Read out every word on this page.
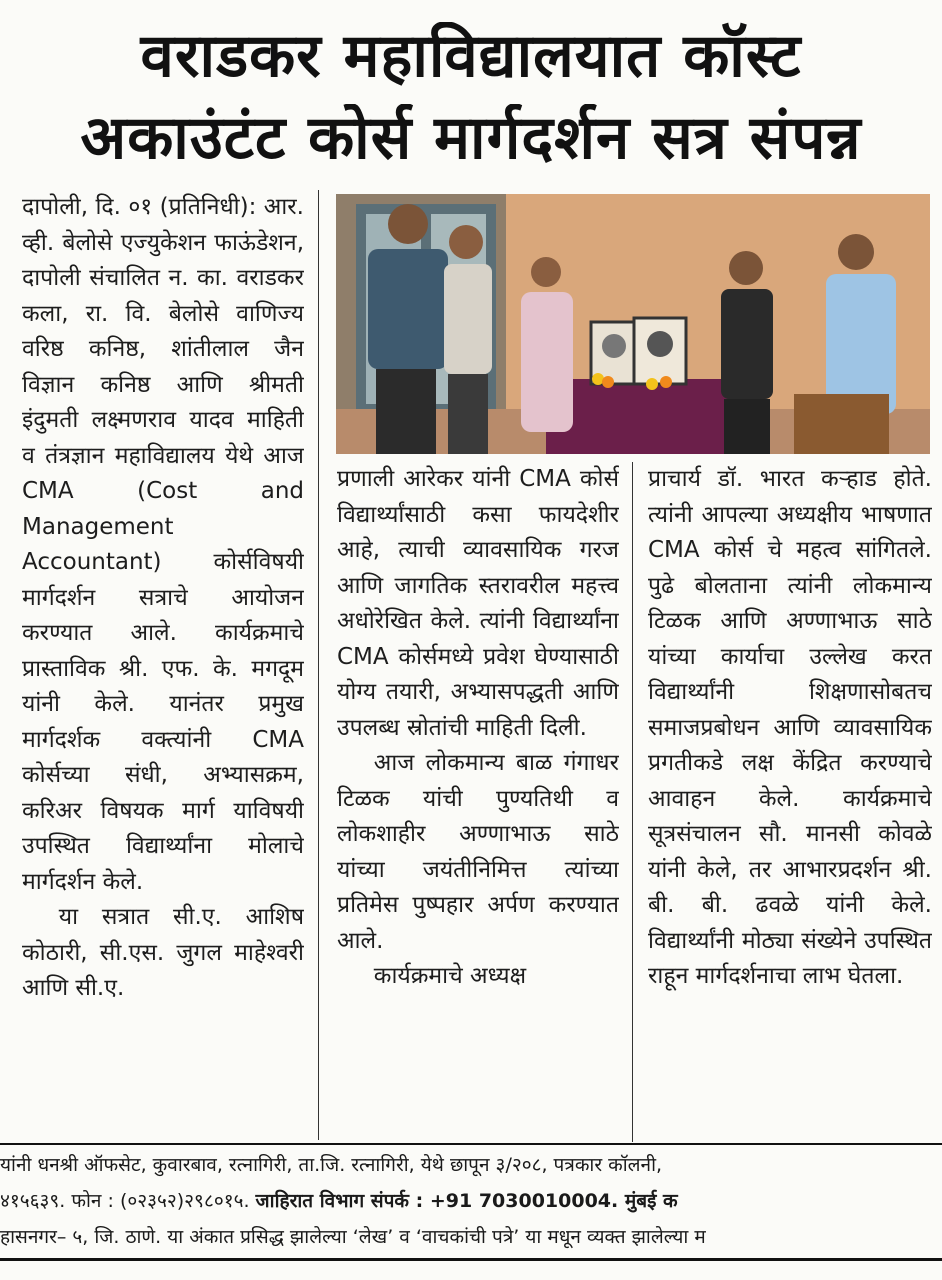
वराडकर महाविद्यालयात कॉस्ट
अकाउंटंट कोर्स मार्गदर्शन सत्र संपन्न

दापोली, दि. ०१ (प्रतिनिधी): आर. व्ही. बेलोसे एज्युकेशन फाऊंडेशन, दापोली संचालित न. का. वराडकर कला, रा. वि. बेलोसे वाणिज्य वरिष्ठ कनिष्ठ, शांतीलाल जैन विज्ञान कनिष्ठ आणि श्रीमती इंदुमती लक्ष्मणराव यादव माहिती व तंत्रज्ञान महाविद्यालय येथे आज CMA (Cost and Management Accountant) कोर्सविषयी मार्गदर्शन सत्राचे आयोजन करण्यात आले. कार्यक्रमाचे प्रास्ताविक श्री. एफ. के. मगदूम यांनी केले. यानंतर प्रमुख मार्गदर्शक वक्त्यांनी CMA कोर्सच्या संधी, अभ्यासक्रम, करिअर विषयक मार्ग याविषयी उपस्थित विद्यार्थ्यांना मोलाचे मार्गदर्शन केले.

या सत्रात सी.ए. आशिष कोठारी, सी.एस. जुगल माहेश्वरी आणि सी.ए.

प्रणाली आरेकर यांनी CMA कोर्स विद्यार्थ्यांसाठी कसा फायदेशीर आहे, त्याची व्यावसायिक गरज आणि जागतिक स्तरावरील महत्त्व अधोरेखित केले. त्यांनी विद्यार्थ्यांना CMA कोर्समध्ये प्रवेश घेण्यासाठी योग्य तयारी, अभ्यासपद्धती आणि उपलब्ध स्रोतांची माहिती दिली.

आज लोकमान्य बाळ गंगाधर टिळक यांची पुण्यतिथी व लोकशाहीर अण्णाभाऊ साठे यांच्या जयंतीनिमित्त त्यांच्या प्रतिमेस पुष्पहार अर्पण करण्यात आले.

कार्यक्रमाचे अध्यक्ष

प्राचार्य डॉ. भारत कऱ्हाड होते. त्यांनी आपल्या अध्यक्षीय भाषणात CMA कोर्स चे महत्व सांगितले. पुढे बोलताना त्यांनी लोकमान्य टिळक आणि अण्णाभाऊ साठे यांच्या कार्याचा उल्लेख करत विद्यार्थ्यांनी शिक्षणासोबतच समाजप्रबोधन आणि व्यावसायिक प्रगतीकडे लक्ष केंद्रित करण्याचे आवाहन केले. कार्यक्रमाचे सूत्रसंचालन सौ. मानसी कोवळे यांनी केले, तर आभारप्रदर्शन श्री. बी. बी. ढवळे यांनी केले. विद्यार्थ्यांनी मोठ्या संख्येने उपस्थित राहून मार्गदर्शनाचा लाभ घेतला.

यांनी धनश्री ऑफसेट, कुवारबाव, रत्नागिरी, ता.जि. रत्नागिरी, येथे छापून ३/२०८, पत्रकार कॉलनी,
४१५६३९. फोन : (०२३५२)२९८०१५. जाहिरात विभाग संपर्क : +91 7030010004. मुंबई क
हासनगर– ५, जि. ठाणे. या अंकात प्रसिद्ध झालेल्या ‘लेख’ व ‘वाचकांची पत्रे’ या मधून व्यक्त झालेल्या म
